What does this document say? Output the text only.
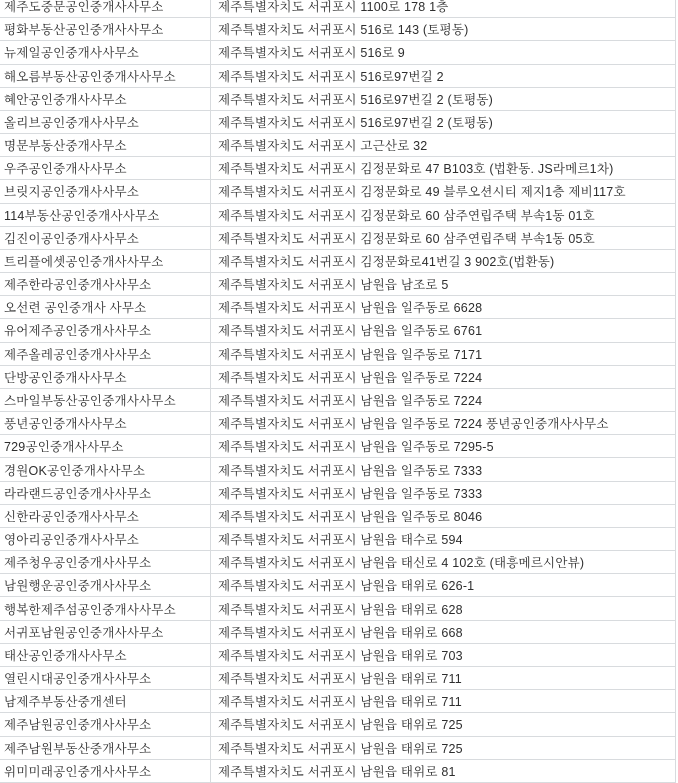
제주도중문공인중개사사무소	제주특별자치도 서귀포시 1100로 178 1층
평화부동산공인중개사사무소	제주특별자치도 서귀포시 516로 143 (토평동)
뉴제일공인중개사사무소	제주특별자치도 서귀포시 516로 9
해오름부동산공인중개사사무소	제주특별자치도 서귀포시 516로97번길 2
혜안공인중개사사무소	제주특별자치도 서귀포시 516로97번길 2 (토평동)
올리브공인중개사사무소	제주특별자치도 서귀포시 516로97번길 2 (토평동)
명문부동산중개사무소	제주특별자치도 서귀포시 고근산로 32
우주공인중개사사무소	제주특별자치도 서귀포시 김정문화로 47 B103호 (법환동. JS라메르1차)
브릿지공인중개사사무소	제주특별자치도 서귀포시 김정문화로 49 블루오션시티 제지1층 제비117호
114부동산공인중개사사무소	제주특별자치도 서귀포시 김정문화로 60 삼주연립주택 부속1동 01호
김진이공인중개사사무소	제주특별자치도 서귀포시 김정문화로 60 삼주연립주택 부속1동 05호
트리플에셋공인중개사사무소	제주특별자치도 서귀포시 김정문화로41번길 3 902호(법환동)
제주한라공인중개사사무소	제주특별자치도 서귀포시 남원읍 남조로 5
오선련 공인중개사 사무소	제주특별자치도 서귀포시 남원읍 일주동로 6628
유어제주공인중개사사무소	제주특별자치도 서귀포시 남원읍 일주동로 6761
제주올레공인중개사사무소	제주특별자치도 서귀포시 남원읍 일주동로 7171
단방공인중개사사무소	제주특별자치도 서귀포시 남원읍 일주동로 7224
스마일부동산공인중개사사무소	제주특별자치도 서귀포시 남원읍 일주동로 7224
풍년공인중개사사무소	제주특별자치도 서귀포시 남원읍 일주동로 7224 풍년공인중개사사무소
729공인중개사사무소	제주특별자치도 서귀포시 남원읍 일주동로 7295-5
경원OK공인중개사사무소	제주특별자치도 서귀포시 남원읍 일주동로 7333
라라랜드공인중개사사무소	제주특별자치도 서귀포시 남원읍 일주동로 7333
신한라공인중개사사무소	제주특별자치도 서귀포시 남원읍 일주동로 8046
영아리공인중개사사무소	제주특별자치도 서귀포시 남원읍 태수로 594
제주청우공인중개사사무소	제주특별자치도 서귀포시 남원읍 태신로 4 102호 (태흥메르시안뷰)
남원행운공인중개사사무소	제주특별자치도 서귀포시 남원읍 태위로 626-1
행복한제주섬공인중개사사무소	제주특별자치도 서귀포시 남원읍 태위로 628
서귀포남원공인중개사사무소	제주특별자치도 서귀포시 남원읍 태위로 668
태산공인중개사사무소	제주특별자치도 서귀포시 남원읍 태위로 703
열린시대공인중개사사무소	제주특별자치도 서귀포시 남원읍 태위로 711
남제주부동산중개센터	제주특별자치도 서귀포시 남원읍 태위로 711
제주남원공인중개사사무소	제주특별자치도 서귀포시 남원읍 태위로 725
제주남원부동산중개사무소	제주특별자치도 서귀포시 남원읍 태위로 725
위미미래공인중개사사무소	제주특별자치도 서귀포시 남원읍 태위로 81
